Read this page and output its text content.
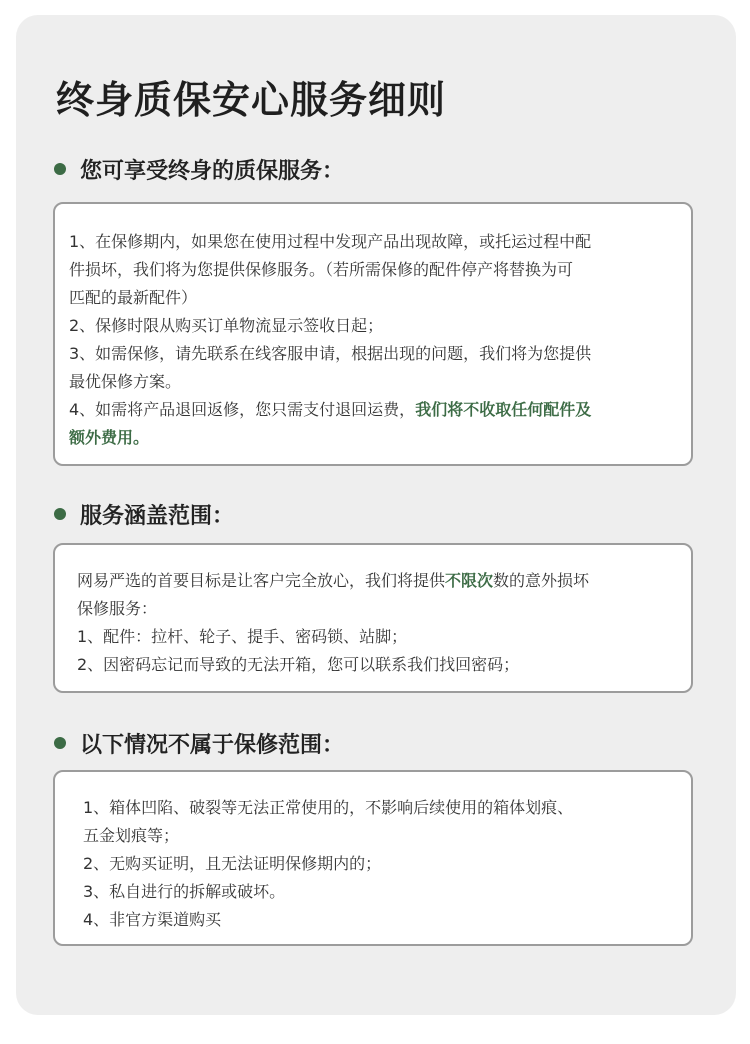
终身质保安心服务细则
您可享受终身的质保服务：
1、在保修期内，如果您在使用过程中发现产品出现故障，或托运过程中配
件损坏，我们将为您提供保修服务。（若所需保修的配件停产将替换为可
匹配的最新配件）
2、保修时限从购买订单物流显示签收日起；
3、如需保修，请先联系在线客服申请，根据出现的问题，我们将为您提供
最优保修方案。
4、如需将产品退回返修，您只需支付退回运费，我们将不收取任何配件及
额外费用。
服务涵盖范围：
网易严选的首要目标是让客户完全放心，我们将提供不限次数的意外损坏
保修服务：
1、配件：拉杆、轮子、提手、密码锁、站脚；
2、因密码忘记而导致的无法开箱，您可以联系我们找回密码；
以下情况不属于保修范围：
1、箱体凹陷、破裂等无法正常使用的，不影响后续使用的箱体划痕、
五金划痕等；
2、无购买证明，且无法证明保修期内的；
3、私自进行的拆解或破坏。
4、非官方渠道购买
